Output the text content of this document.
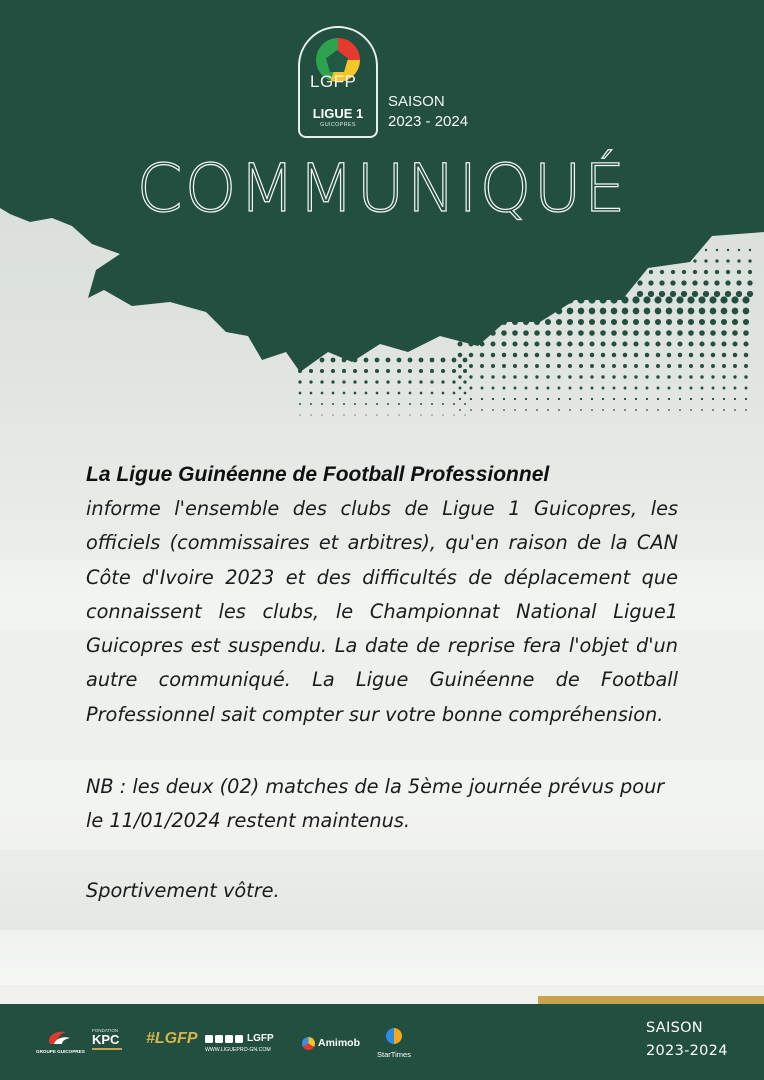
LGFP
LIGUE 1
GUICOPRES
SAISON
2023 - 2024
COMMUNIQUÉ

La Ligue Guinéenne de Football Professionnel

informe l'ensemble des clubs de Ligue 1 Guicopres, les officiels (commissaires et arbitres), qu'en raison de la CAN Côte d'Ivoire 2023 et des difficultés de déplacement que connaissent les clubs, le Championnat National Ligue1 Guicopres est suspendu. La date de reprise fera l'objet d'un autre communiqué. La Ligue Guinéenne de Football Professionnel sait compter sur votre bonne compréhension.

NB : les deux (02) matches de la 5ème journée prévus pour le 11/01/2024 restent maintenus.

Sportivement vôtre.

GROUPE GUICOPRES
FONDATION
KPC	#LGFP	LGFP
WWW.LIGUEPRO-GN.COM
Amimob
StarTimes
SAISON
2023-2024
